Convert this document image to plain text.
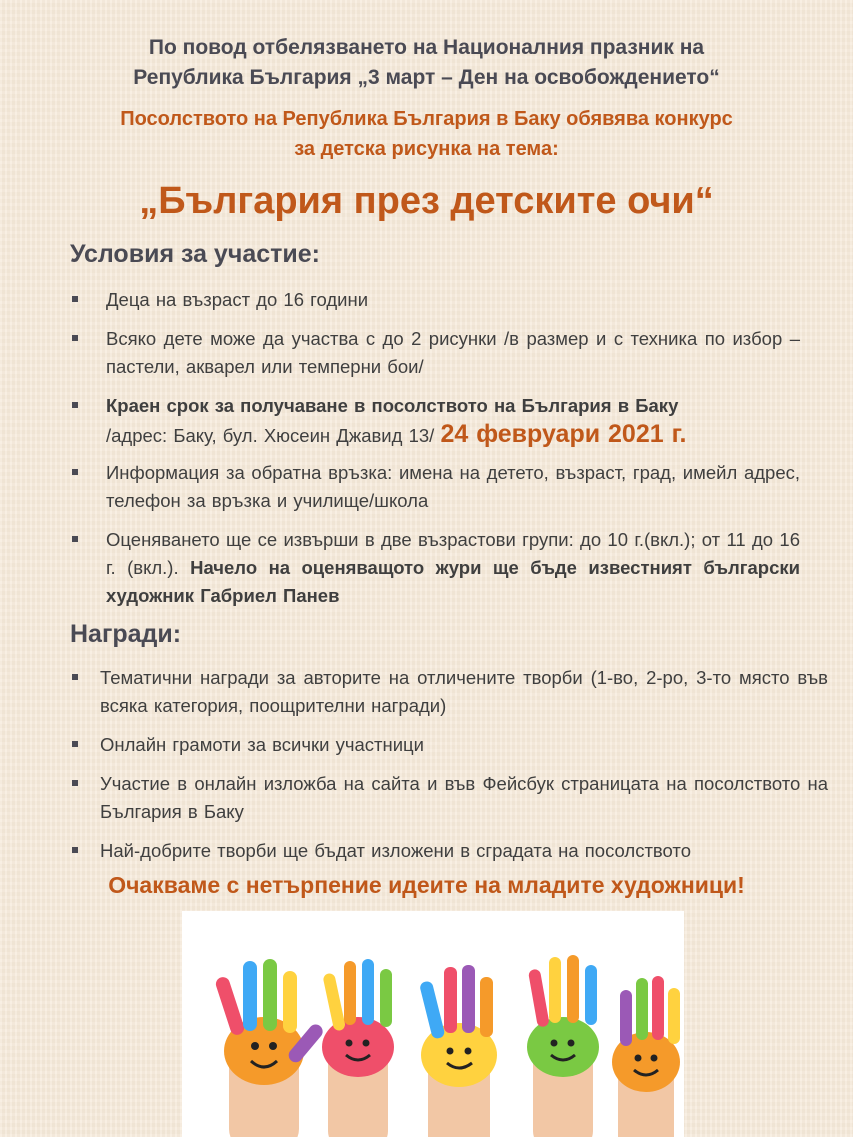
По повод отбелязването на Националния празник на
Република България „3 март – Ден на освобождението“
Посолството на Република България в Баку обявява конкурс
за детска рисунка на тема:
„България през детските очи“
Условия за участие:
Деца на възраст до 16 години
Всяко дете може да участва с до 2 рисунки /в размер и с техника по избор – пастели, акварел или темперни бои/
Краен срок за получаване в посолството на България в Баку
/адрес: Баку, бул. Хюсеин Джавид 13/ 24 февруари 2021 г.
Информация за обратна връзка: имена на детето, възраст, град, имейл адрес, телефон за връзка и училище/школа
Оценяването ще се извърши в две възрастови групи: до 10 г.(вкл.); от 11 до 16 г. (вкл.). Начело на оценяващото жури ще бъде известният български художник Габриел Панев
Награди:
Тематични награди за авторите на отличените творби (1-во, 2-ро, 3-то място във всяка категория, поощрителни награди)
Онлайн грамоти за всички участници
Участие в онлайн изложба на сайта и във Фейсбук страницата на посолството на България в Баку
Най-добрите творби ще бъдат изложени в сградата на посолството
Очакваме с нетърпение идеите на младите художници!
